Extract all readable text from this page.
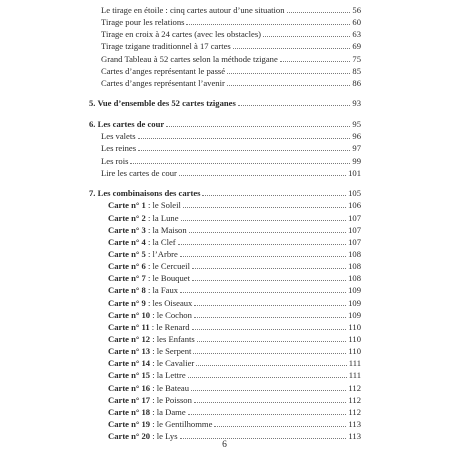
Le tirage en étoile : cinq cartes autour d’une situation	56
Tirage pour les relations	60
Tirage en croix à 24 cartes (avec les obstacles)	63
Tirage tzigane traditionnel à 17 cartes	69
Grand Tableau à 52 cartes selon la méthode tzigane	75
Cartes d’anges représentant le passé	85
Cartes d’anges représentant l’avenir	86
5. Vue d’ensemble des 52 cartes tziganes	93
6. Les cartes de cour	95
Les valets	96
Les reines	97
Les rois	99
Lire les cartes de cour	101
7. Les combinaisons des cartes	105
Carte n° 1 : le Soleil	106
Carte n° 2 : la Lune	107
Carte n° 3 : la Maison	107
Carte n° 4 : la Clef	107
Carte n° 5 : l’Arbre	108
Carte n° 6 : le Cercueil	108
Carte n° 7 : le Bouquet	108
Carte n° 8 : la Faux	109
Carte n° 9 : les Oiseaux	109
Carte n° 10 : le Cochon	109
Carte n° 11 : le Renard	110
Carte n° 12 : les Enfants	110
Carte n° 13 : le Serpent	110
Carte n° 14 : le Cavalier	111
Carte n° 15 : la Lettre	111
Carte n° 16 : le Bateau	112
Carte n° 17 : le Poisson	112
Carte n° 18 : la Dame	112
Carte n° 19 : le Gentilhomme	113
Carte n° 20 : le Lys	113
6
